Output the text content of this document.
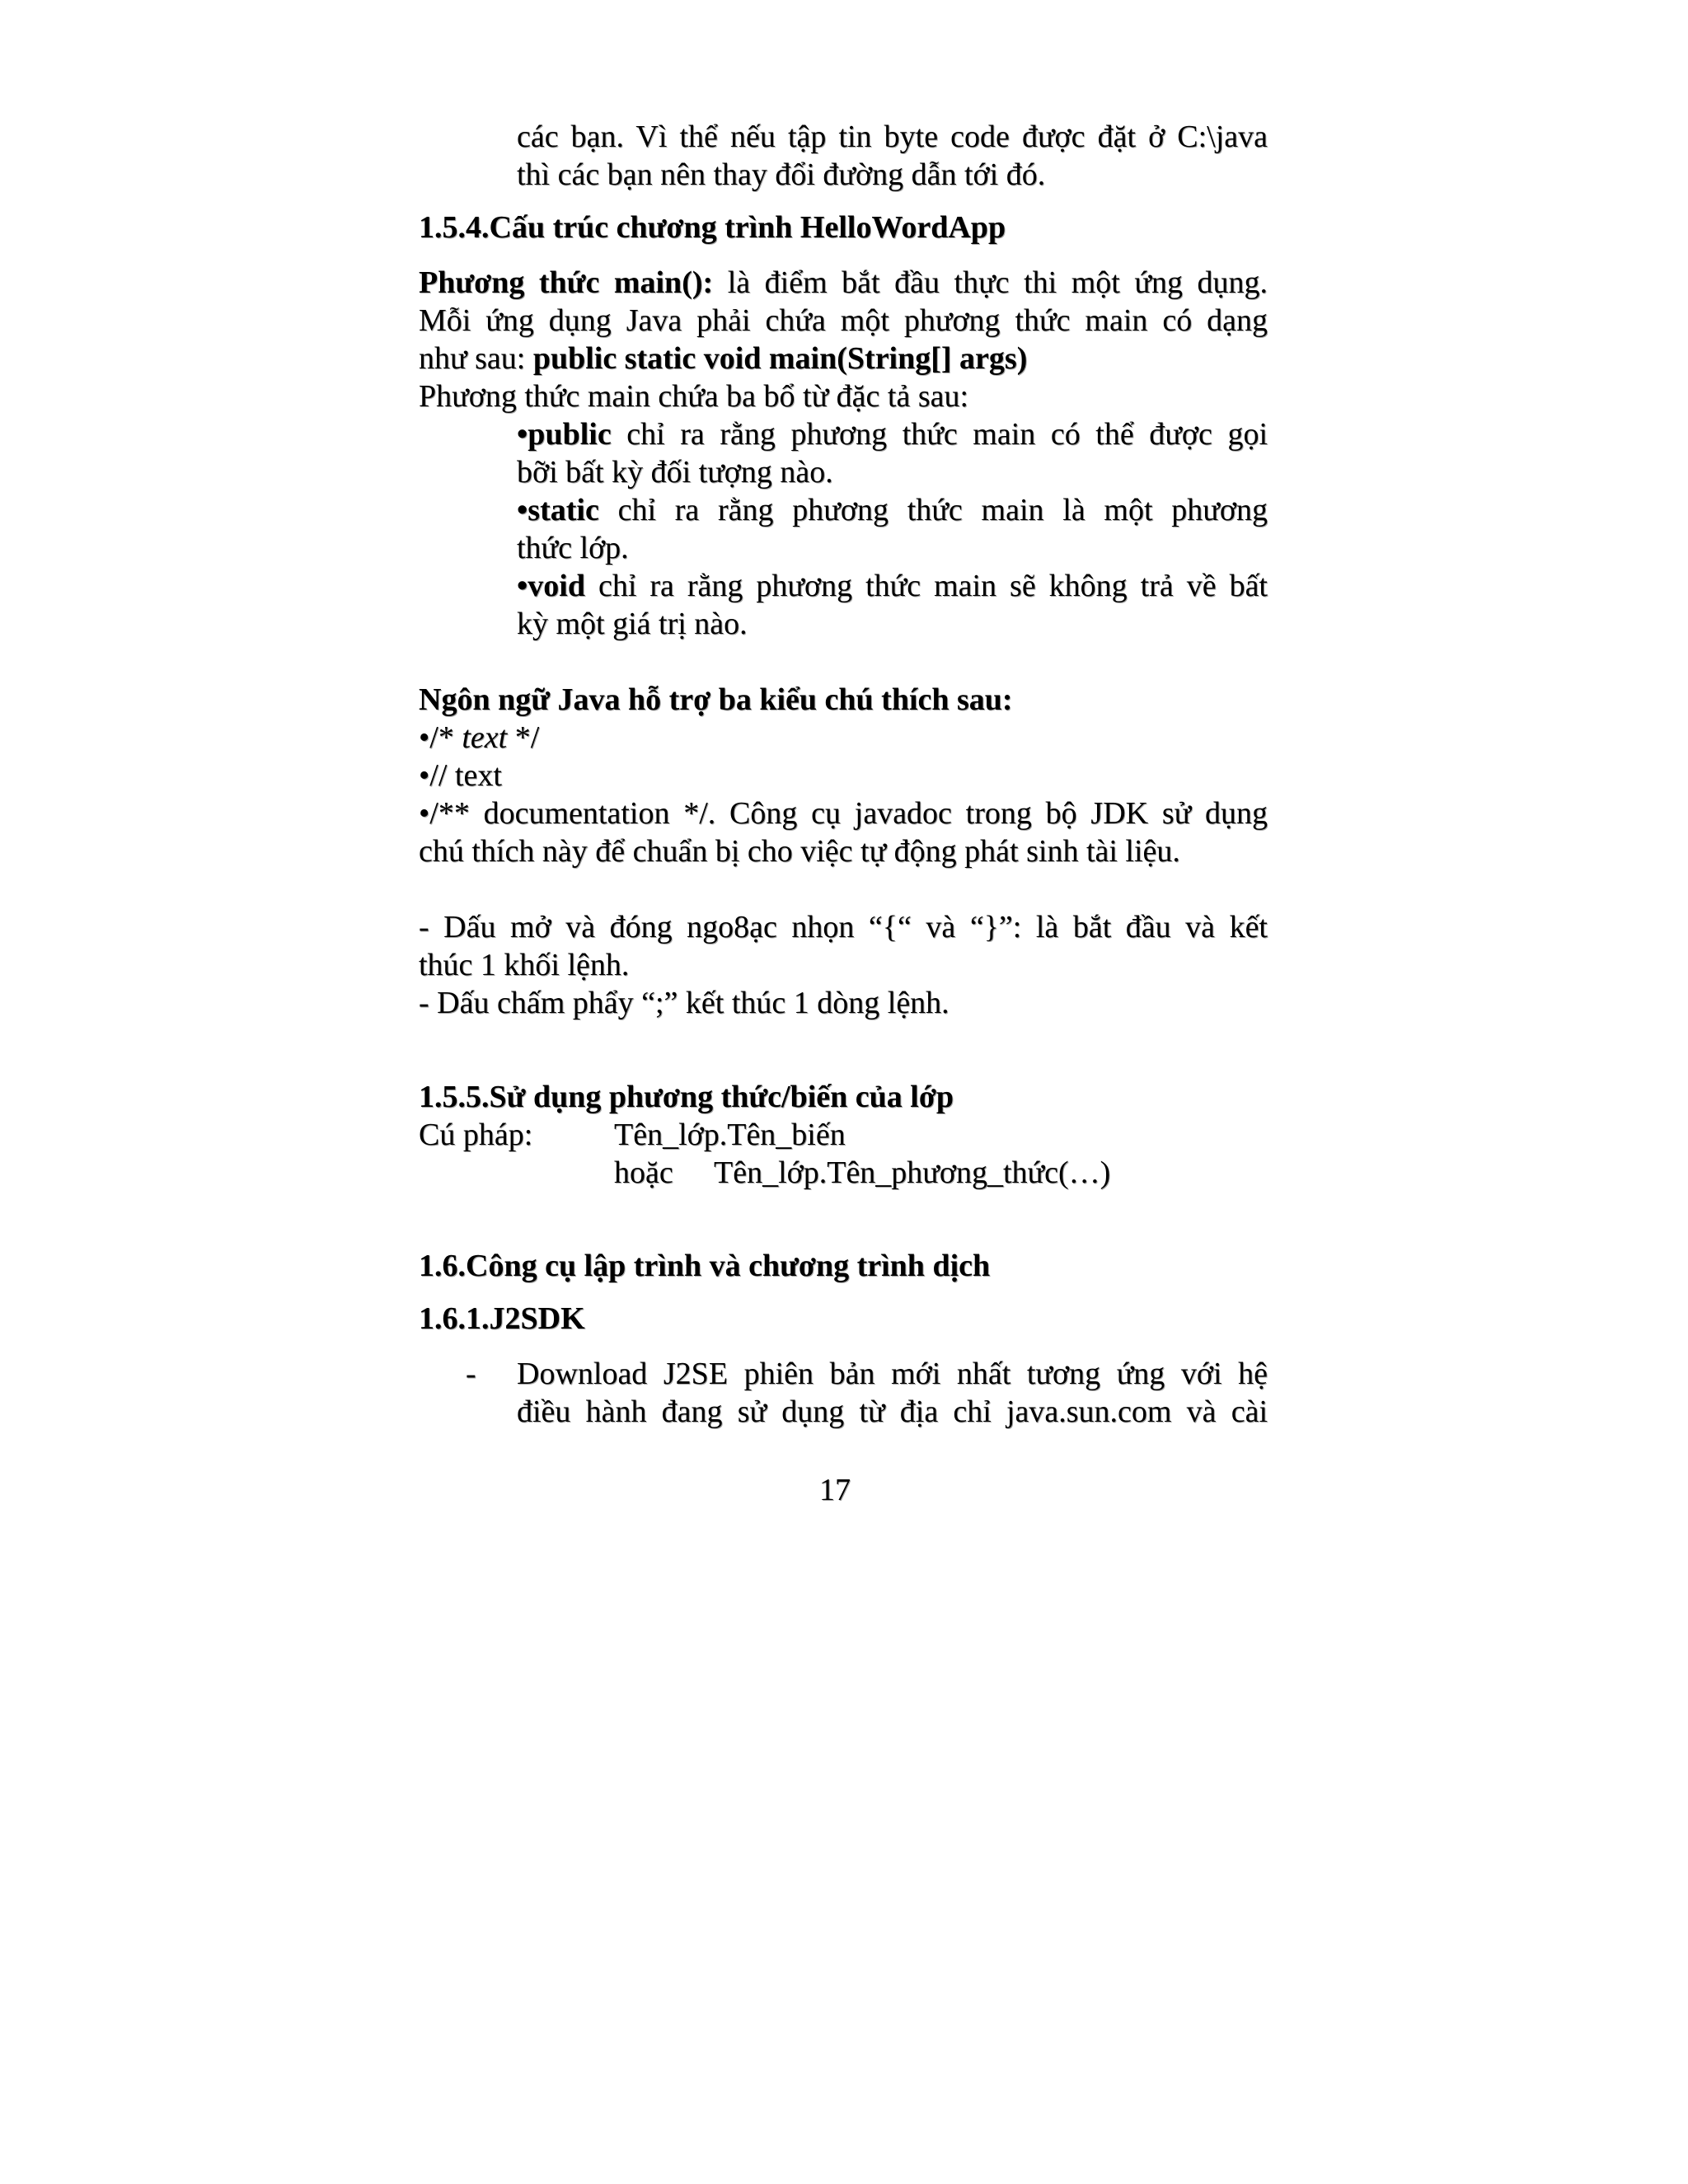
các bạn. Vì thể nếu tập tin byte code được đặt ở C:\java
thì các bạn nên thay đổi đường dẫn tới đó.
1.5.4.Cấu trúc chương trình HelloWordApp
Phương thức main(): là điểm bắt đầu thực thi một ứng dụng.
Mỗi ứng dụng Java phải chứa một phương thức main có dạng
như sau: public static void main(String[] args)
Phương thức main chứa ba bổ từ đặc tả sau:
•public chỉ ra rằng phương thức main có thể được gọi
bỡi bất kỳ đối tượng nào.
•static chỉ ra rằng phương thức main là một phương
thức lớp.
•void chỉ ra rằng phương thức main sẽ không trả về bất
kỳ một giá trị nào.
Ngôn ngữ Java hỗ trợ ba kiểu chú thích sau:
•/* text */
•// text
•/** documentation */. Công cụ javadoc trong bộ JDK sử dụng
chú thích này để chuẩn bị cho việc tự động phát sinh tài liệu.
- Dấu mở và đóng ngo8ạc nhọn “{“ và “}”: là bắt đầu và kết
thúc 1 khối lệnh.
- Dấu chấm phẩy “;” kết thúc 1 dòng lệnh.
1.5.5.Sử dụng phương thức/biến của lớp
Cú pháp:	Tên_lớp.Tên_biến
hoặc Tên_lớp.Tên_phương_thức(…)
1.6.Công cụ lập trình và chương trình dịch
1.6.1.J2SDK
- Download J2SE phiên bản mới nhất tương ứng với hệ
điều hành đang sử dụng từ địa chỉ java.sun.com và cài
17
